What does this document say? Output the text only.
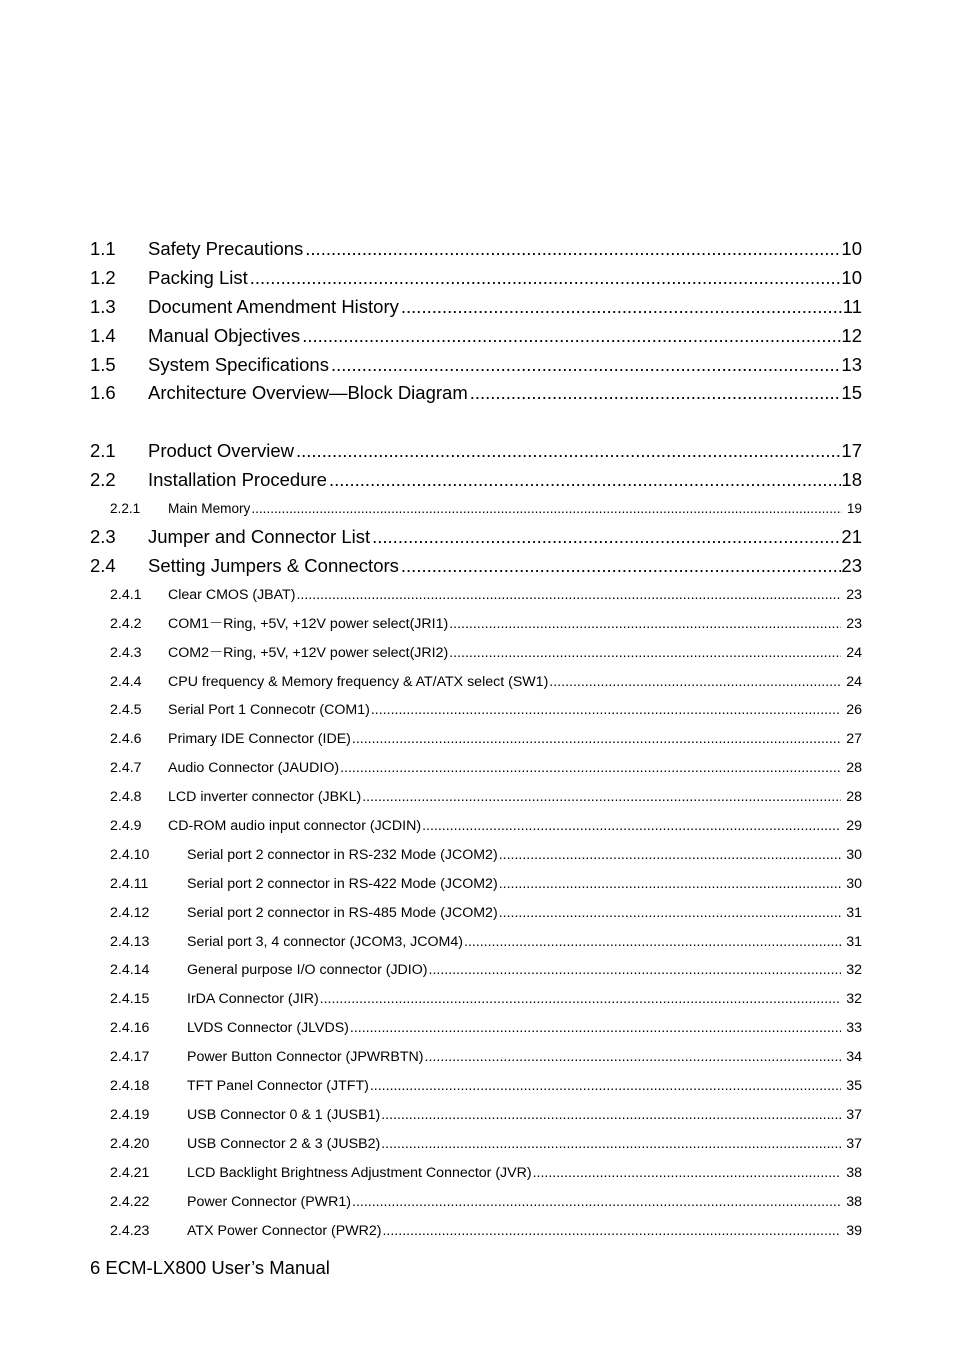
1.1	Safety Precautions .....	10
1.2	Packing List .....	10
1.3	Document Amendment History .....	11
1.4	Manual Objectives .....	12
1.5	System Specifications .....	13
1.6	Architecture Overview—Block Diagram .....	15
2.1	Product Overview .....	17
2.2	Installation Procedure .....	18
2.2.1	Main Memory .....	19
2.3	Jumper and Connector List .....	21
2.4	Setting Jumpers & Connectors .....	23
2.4.1	Clear CMOS (JBAT) .....	23
2.4.2	COM1－Ring, +5V, +12V power select(JRI1) .....	23
2.4.3	COM2－Ring, +5V, +12V power select(JRI2) .....	24
2.4.4	CPU frequency & Memory frequency & AT/ATX select (SW1) .....	24
2.4.5	Serial Port 1 Connecotr (COM1) .....	26
2.4.6	Primary IDE Connector (IDE) .....	27
2.4.7	Audio Connector (JAUDIO) .....	28
2.4.8	LCD inverter connector (JBKL) .....	28
2.4.9	CD-ROM audio input connector (JCDIN) .....	29
2.4.10	Serial port 2 connector in RS-232 Mode (JCOM2) .....	30
2.4.11	Serial port 2 connector in RS-422 Mode (JCOM2) .....	30
2.4.12	Serial port 2 connector in RS-485 Mode (JCOM2) .....	31
2.4.13	Serial port 3, 4 connector (JCOM3, JCOM4) .....	31
2.4.14	General purpose I/O connector (JDIO) .....	32
2.4.15	IrDA Connector (JIR) .....	32
2.4.16	LVDS Connector (JLVDS) .....	33
2.4.17	Power Button Connector (JPWRBTN) .....	34
2.4.18	TFT Panel Connector (JTFT) .....	35
2.4.19	USB Connector 0 & 1 (JUSB1) .....	37
2.4.20	USB Connector 2 & 3 (JUSB2) .....	37
2.4.21	LCD Backlight Brightness Adjustment Connector (JVR) .....	38
2.4.22	Power Connector (PWR1) .....	38
2.4.23	ATX Power Connector (PWR2) .....	39
6 ECM-LX800 User’s Manual
